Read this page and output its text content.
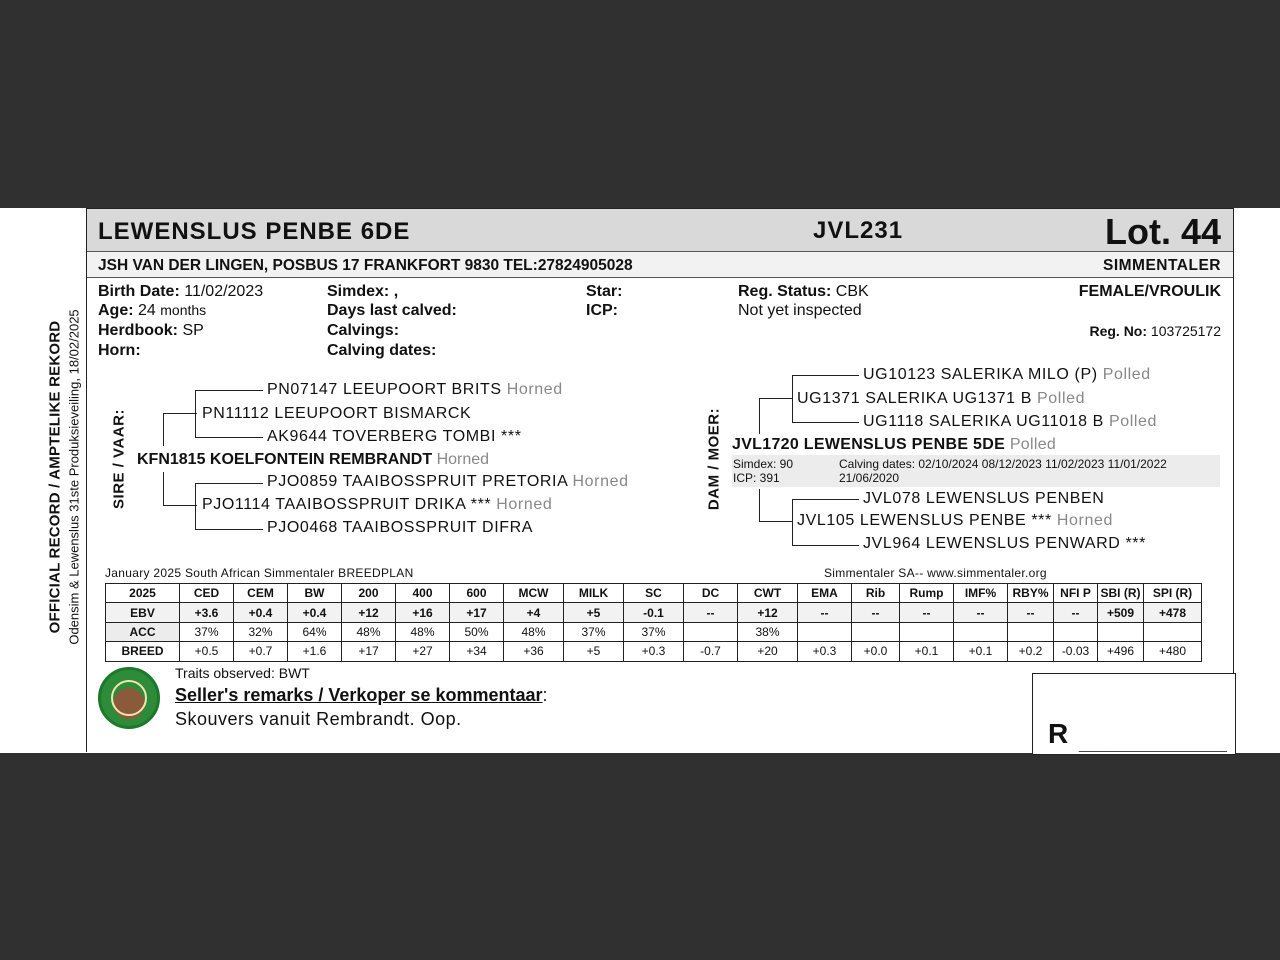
OFFICIAL RECORD / AMPTELIKE REKORD Odensim & Lewenslus 31ste Produksieveiling, 18/02/2025
LEWENSLUS PENBE 6DE	JVL231	Lot. 44
JSH VAN DER LINGEN, POSBUS 17 FRANKFORT 9830 TEL:27824905028	SIMMENTALER
Birth Date: 11/02/2023
Age: 24 months
Herdbook: SP
Horn:
Simdex: ,
Days last calved:
Calvings:
Calving dates:
Star:
ICP:
Reg. Status: CBK
Not yet inspected
FEMALE/VROULIK
Reg. No: 103725172
SIRE / VAAR:
PN07147 LEEUPOORT BRITS Horned
PN11112 LEEUPOORT BISMARCK
AK9644 TOVERBERG TOMBI ***
KFN1815 KOELFONTEIN REMBRANDT Horned
PJO0859 TAAIBOSSPRUIT PRETORIA Horned
PJO1114 TAAIBOSSPRUIT DRIKA *** Horned
PJO0468 TAAIBOSSPRUIT DIFRA
DAM / MOER:
UG10123 SALERIKA MILO (P) Polled
UG1371 SALERIKA UG1371 B Polled
UG1118 SALERIKA UG11018 B Polled
JVL1720 LEWENSLUS PENBE 5DE Polled
Simdex: 90
ICP: 391
Calving dates: 02/10/2024 08/12/2023 11/02/2023 11/01/2022
21/06/2020
JVL078 LEWENSLUS PENBEN
JVL105 LEWENSLUS PENBE *** Horned
JVL964 LEWENSLUS PENWARD ***
January 2025 South African Simmentaler BREEDPLAN	Simmentaler SA-- www.simmentaler.org
2025	CED	CEM	BW	200	400	600	MCW	MILK	SC	DC	CWT	EMA	Rib	Rump	IMF%	RBY%	NFI P	SBI (R)	SPI (R)
EBV	+3.6	+0.4	+0.4	+12	+16	+17	+4	+5	-0.1	--	+12	--	--	--	--	--	--	+509	+478
ACC	37%	32%	64%	48%	48%	50%	48%	37%	37%		38%								
BREED	+0.5	+0.7	+1.6	+17	+27	+34	+36	+5	+0.3	-0.7	+20	+0.3	+0.0	+0.1	+0.1	+0.2	-0.03	+496	+480
Traits observed: BWT
Seller's remarks / Verkoper se kommentaar:
Skouvers vanuit Rembrandt. Oop.	R ___________________
